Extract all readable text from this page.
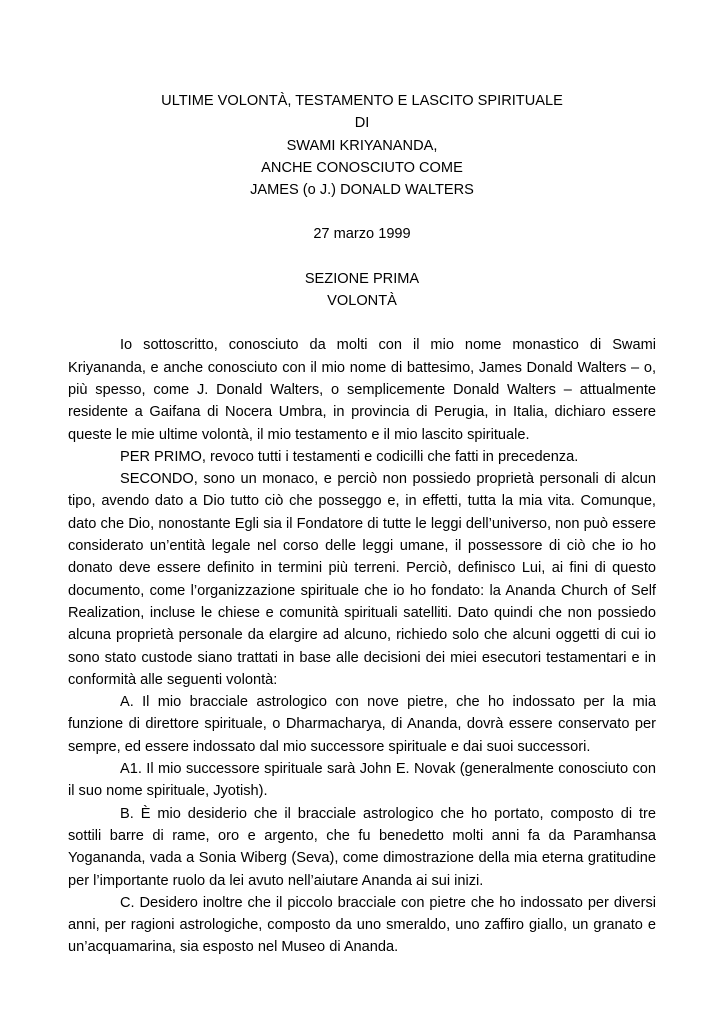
ULTIME VOLONTÀ, TESTAMENTO E LASCITO SPIRITUALE
DI
SWAMI KRIYANANDA,
ANCHE CONOSCIUTO COME
JAMES (o J.) DONALD WALTERS
27 marzo 1999
SEZIONE PRIMA
VOLONTÀ

Io sottoscritto, conosciuto da molti con il mio nome monastico di Swami Kriyananda, e anche conosciuto con il mio nome di battesimo, James Donald Walters – o, più spesso, come J. Donald Walters, o semplicemente Donald Walters – attualmente residente a Gaifana di Nocera Umbra, in provincia di Perugia, in Italia, dichiaro essere queste le mie ultime volontà, il mio testamento e il mio lascito spirituale.

PER PRIMO, revoco tutti i testamenti e codicilli che fatti in precedenza.

SECONDO, sono un monaco, e perciò non possiedo proprietà personali di alcun tipo, avendo dato a Dio tutto ciò che posseggo e, in effetti, tutta la mia vita. Comunque, dato che Dio, nonostante Egli sia il Fondatore di tutte le leggi dell’universo, non può essere considerato un’entità legale nel corso delle leggi umane, il possessore di ciò che io ho donato deve essere definito in termini più terreni. Perciò, definisco Lui, ai fini di questo documento, come l’organizzazione spirituale che io ho fondato: la Ananda Church of Self Realization, incluse le chiese e comunità spirituali satelliti. Dato quindi che non possiedo alcuna proprietà personale da elargire ad alcuno, richiedo solo che alcuni oggetti di cui io sono stato custode siano trattati in base alle decisioni dei miei esecutori testamentari e in conformità alle seguenti volontà:

A. Il mio bracciale astrologico con nove pietre, che ho indossato per la mia funzione di direttore spirituale, o Dharmacharya, di Ananda, dovrà essere conservato per sempre, ed essere indossato dal mio successore spirituale e dai suoi successori.

A1. Il mio successore spirituale sarà John E. Novak (generalmente conosciuto con il suo nome spirituale, Jyotish).

B. È mio desiderio che il bracciale astrologico che ho portato, composto di tre sottili barre di rame, oro e argento, che fu benedetto molti anni fa da Paramhansa Yogananda, vada a Sonia Wiberg (Seva), come dimostrazione della mia eterna gratitudine per l’importante ruolo da lei avuto nell’aiutare Ananda ai sui inizi.

C. Desidero inoltre che il piccolo bracciale con pietre che ho indossato per diversi anni, per ragioni astrologiche, composto da uno smeraldo, uno zaffiro giallo, un granato e un’acquamarina, sia esposto nel Museo di Ananda.
